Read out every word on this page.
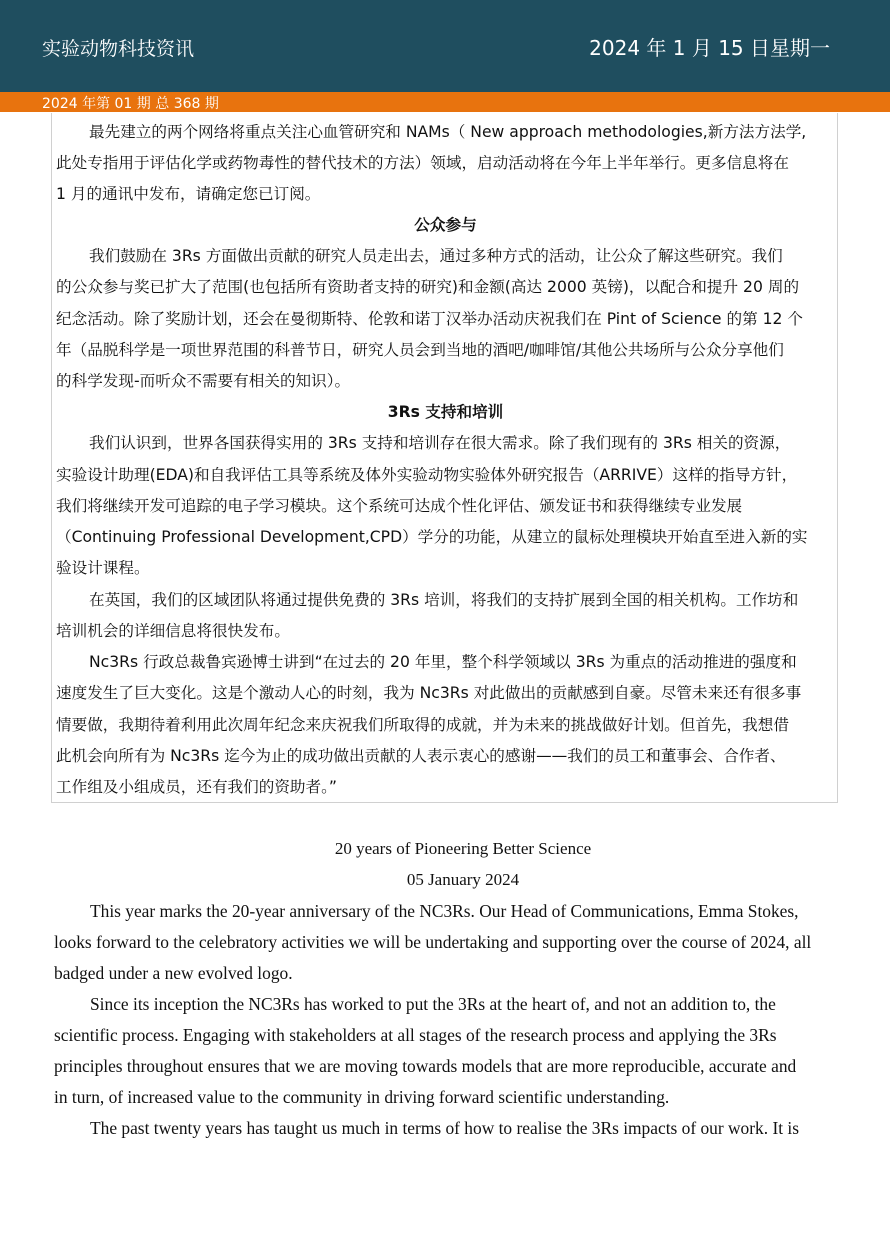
实验动物科技资讯	2024 年 1 月 15 日星期一
2024 年第 01 期 总 368 期
最先建立的两个网络将重点关注心血管研究和 NAMs（ New approach methodologies,新方法方法学,
此处专指用于评估化学或药物毒性的替代技术的方法）领域，启动活动将在今年上半年举行。更多信息将在
1 月的通讯中发布，请确定您已订阅。
公众参与
我们鼓励在 3Rs 方面做出贡献的研究人员走出去，通过多种方式的活动，让公众了解这些研究。我们
的公众参与奖已扩大了范围(也包括所有资助者支持的研究)和金额(高达 2000 英镑)，以配合和提升 20 周的
纪念活动。除了奖励计划，还会在曼彻斯特、伦敦和诺丁汉举办活动庆祝我们在 Pint of Science 的第 12 个
年（品脱科学是一项世界范围的科普节日，研究人员会到当地的酒吧/咖啡馆/其他公共场所与公众分享他们
的科学发现-而听众不需要有相关的知识）。
3Rs 支持和培训
我们认识到，世界各国获得实用的 3Rs 支持和培训存在很大需求。除了我们现有的 3Rs 相关的资源，
实验设计助理(EDA)和自我评估工具等系统及体外实验动物实验体外研究报告（ARRIVE）这样的指导方针，
我们将继续开发可追踪的电子学习模块。这个系统可达成个性化评估、颁发证书和获得继续专业发展
（Continuing Professional Development,CPD）学分的功能，从建立的鼠标处理模块开始直至进入新的实
验设计课程。
在英国，我们的区域团队将通过提供免费的 3Rs 培训，将我们的支持扩展到全国的相关机构。工作坊和
培训机会的详细信息将很快发布。
Nc3Rs 行政总裁鲁宾逊博士讲到“在过去的 20 年里，整个科学领域以 3Rs 为重点的活动推进的强度和
速度发生了巨大变化。这是个激动人心的时刻，我为 Nc3Rs 对此做出的贡献感到自豪。尽管未来还有很多事
情要做，我期待着利用此次周年纪念来庆祝我们所取得的成就，并为未来的挑战做好计划。但首先，我想借
此机会向所有为 Nc3Rs 迄今为止的成功做出贡献的人表示衷心的感谢——我们的员工和董事会、合作者、
工作组及小组成员，还有我们的资助者。”
20 years of Pioneering Better Science
05 January 2024
This year marks the 20-year anniversary of the NC3Rs. Our Head of Communications, Emma Stokes,
looks forward to the celebratory activities we will be undertaking and supporting over the course of 2024, all
badged under a new evolved logo.
Since its inception the NC3Rs has worked to put the 3Rs at the heart of, and not an addition to, the
scientific process. Engaging with stakeholders at all stages of the research process and applying the 3Rs
principles throughout ensures that we are moving towards models that are more reproducible, accurate and
in turn, of increased value to the community in driving forward scientific understanding.
The past twenty years has taught us much in terms of how to realise the 3Rs impacts of our work. It is
